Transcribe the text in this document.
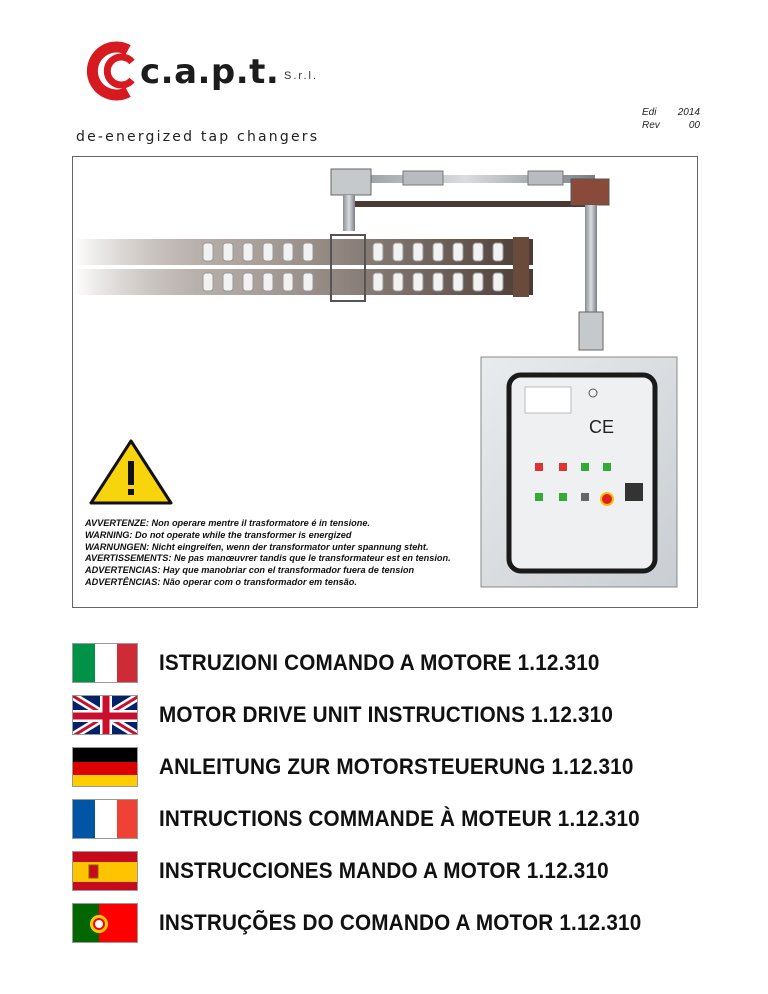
c.a.p.t. S.r.l.
de-energized tap changers
Edi 2014
Rev	00
CE
AVVERTENZE: Non operare mentre il trasformatore é in tensione.
WARNING: Do not operate while the transformer is energized
WARNUNGEN: Nicht eingreifen, wenn der transformator unter spannung steht.
AVERTISSEMENTS: Ne pas manœuvrer tandis que le transformateur est en tension.
ADVERTENCIAS: Hay que manobriar con el transformador fuera de tension
ADVERTÊNCIAS: Não operar com o transformador em tensão.
ISTRUZIONI COMANDO A MOTORE 1.12.310
MOTOR DRIVE UNIT INSTRUCTIONS 1.12.310
ANLEITUNG ZUR MOTORSTEUERUNG 1.12.310
INTRUCTIONS COMMANDE À MOTEUR 1.12.310
INSTRUCCIONES MANDO A MOTOR 1.12.310
INSTRUÇÕES DO COMANDO A MOTOR 1.12.310
